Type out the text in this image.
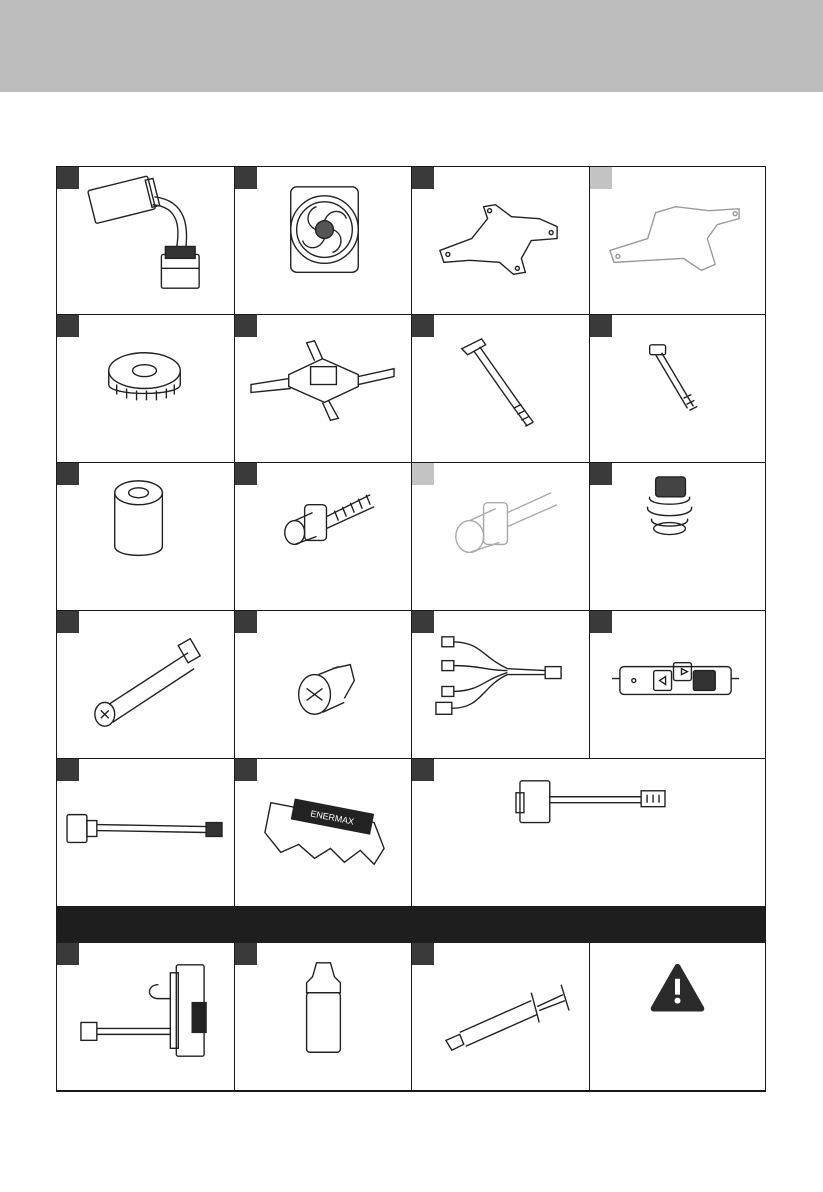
ENERMAX
